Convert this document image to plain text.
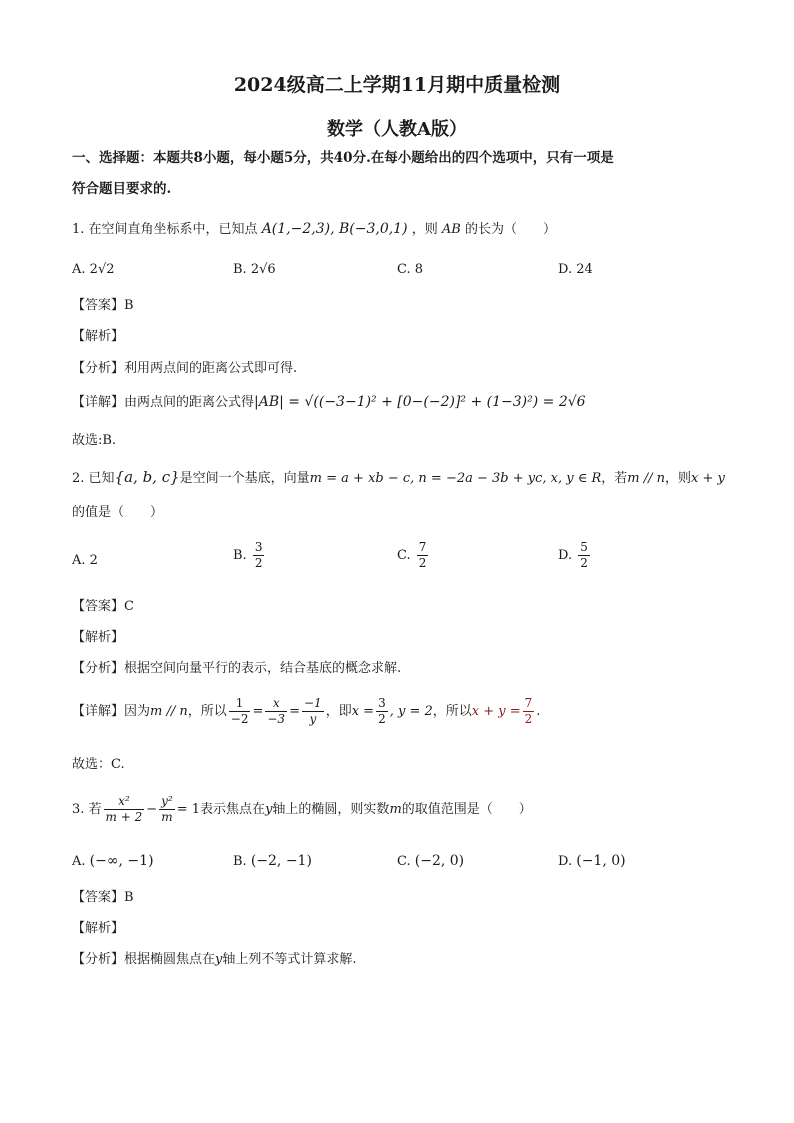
2024级高二上学期11月期中质量检测
数学（人教A版）
一、选择题：本题共8小题，每小题5分，共40分.在每小题给出的四个选项中，只有一项是
符合题目要求的.
1. 在空间直角坐标系中，已知点 A(1,−2,3), B(−3,0,1) ，则 AB 的长为（　　）
A. 2√2	B. 2√6	C. 8	D. 24
【答案】B
【解析】
【分析】利用两点间的距离公式即可得.
【详解】由两点间的距离公式得|AB| = √((−3−1)² + [0−(−2)]² + (1−3)²) = 2√6
故选:B.
2. 已知{a, b, c}是空间一个基底，向量m = a + xb − c, n = −2a − 3b + yc, x, y ∈ R，若m // n，则x + y
的值是（　　）
A. 2	B. $\frac{3}{2}$	C. $\frac{7}{2}$	D. $\frac{5}{2}$
【答案】C
【解析】
【分析】根据空间向量平行的表示，结合基底的概念求解.
【详解】因为m // n，所以 $\frac{1}{-2} = \frac{x}{-3} = \frac{-1}{y}$ ，即$x = \frac{3}{2}$ , y = 2，所以$x + y = \frac{7}{2}$ .
故选：C.
3. 若 $\frac{\text{x²}}{m + 2} - \frac{\text{y²}}{m} = 1$表示焦点在y轴上的椭圆，则实数m的取值范围是（　　）
A. (−∞, −1)	B. (−2, −1)	C. (−2, 0)	D. (−1, 0)
【答案】B
【解析】
【分析】根据椭圆焦点在y轴上列不等式计算求解.
